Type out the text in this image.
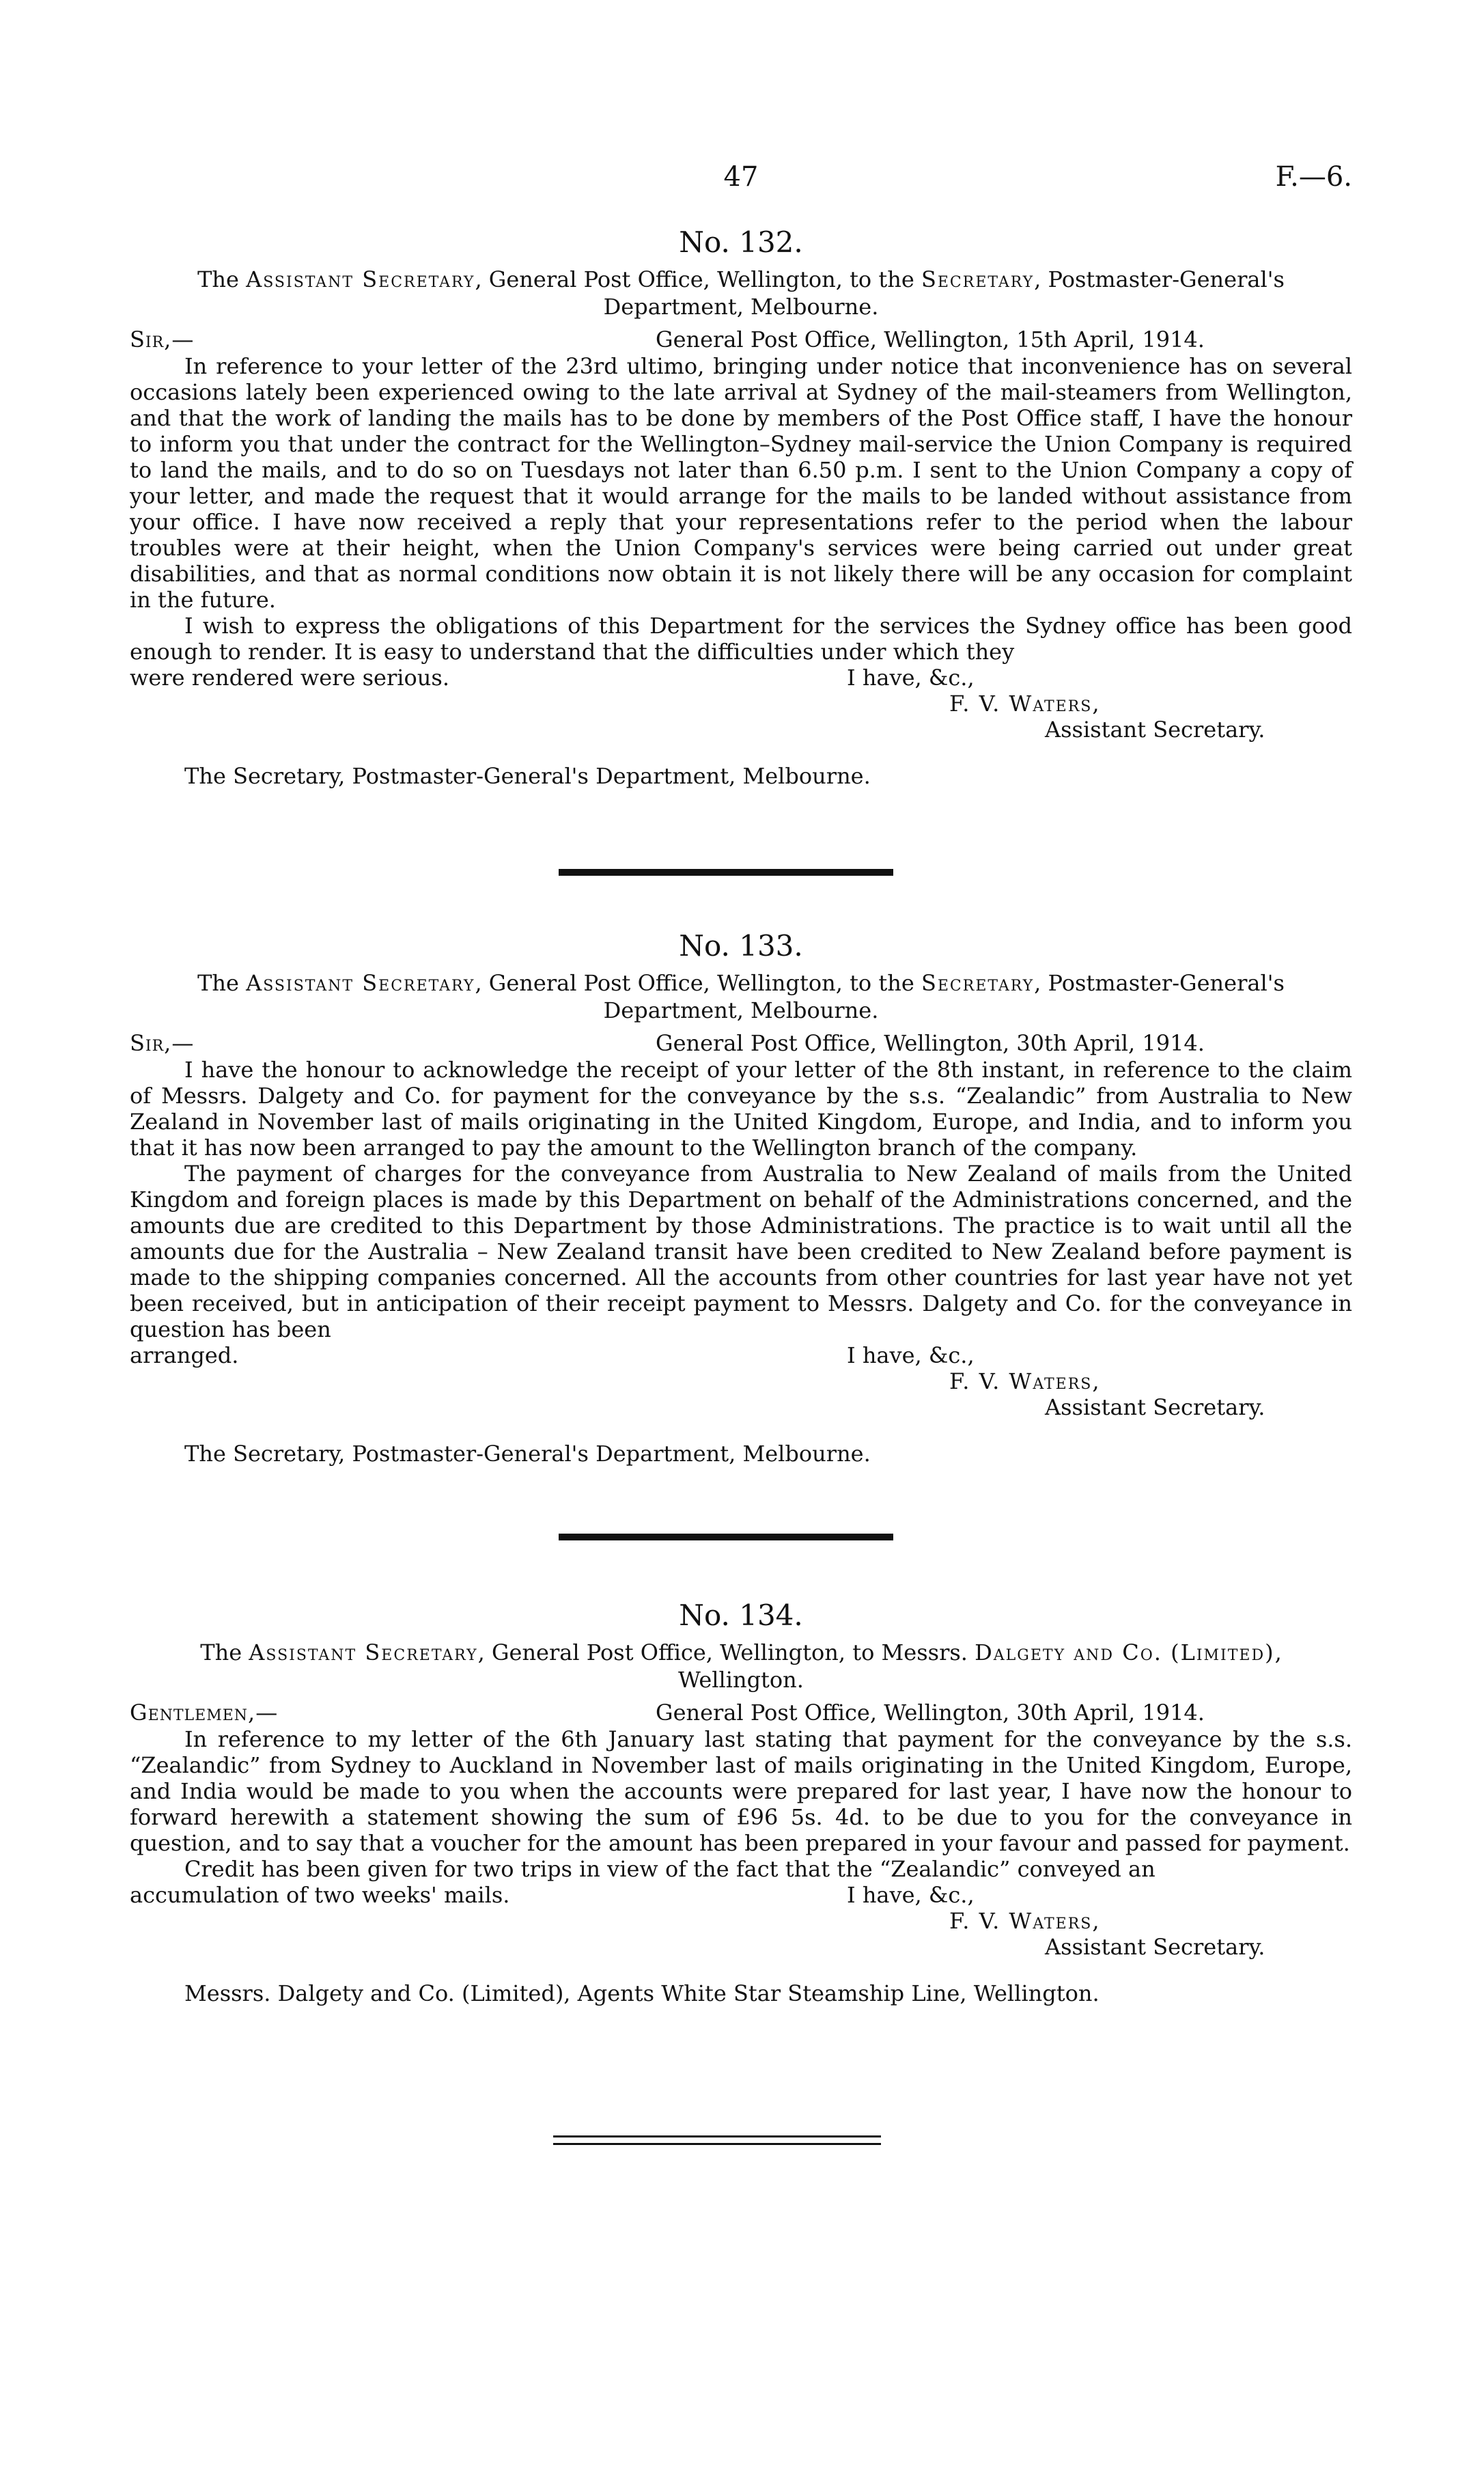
47	F.—6.
No. 132.
The Assistant Secretary, General Post Office, Wellington, to the Secretary, Postmaster-General's Department, Melbourne.
Sir,—	General Post Office, Wellington, 15th April, 1914.

In reference to your letter of the 23rd ultimo, bringing under notice that inconvenience has on several occasions lately been experienced owing to the late arrival at Sydney of the mail-steamers from Wellington, and that the work of landing the mails has to be done by members of the Post Office staff, I have the honour to inform you that under the contract for the Wellington–Sydney mail-service the Union Company is required to land the mails, and to do so on Tuesdays not later than 6.50 p.m. I sent to the Union Company a copy of your letter, and made the request that it would arrange for the mails to be landed without assistance from your office. I have now received a reply that your representations refer to the period when the labour troubles were at their height, when the Union Company's services were being carried out under great disabilities, and that as normal conditions now obtain it is not likely there will be any occasion for complaint in the future.

I wish to express the obligations of this Department for the services the Sydney office has been good enough to render. It is easy to understand that the difficulties under which they

were rendered were serious.	I have, &c.,
F. V. Waters,
Assistant Secretary.
The Secretary, Postmaster-General's Department, Melbourne.
No. 133.
The Assistant Secretary, General Post Office, Wellington, to the Secretary, Postmaster-General's Department, Melbourne.
Sir,—	General Post Office, Wellington, 30th April, 1914.

I have the honour to acknowledge the receipt of your letter of the 8th instant, in reference to the claim of Messrs. Dalgety and Co. for payment for the conveyance by the s.s. “Zealandic” from Australia to New Zealand in November last of mails originating in the United Kingdom, Europe, and India, and to inform you that it has now been arranged to pay the amount to the Wellington branch of the company.

The payment of charges for the conveyance from Australia to New Zealand of mails from the United Kingdom and foreign places is made by this Department on behalf of the Administrations concerned, and the amounts due are credited to this Department by those Administrations. The practice is to wait until all the amounts due for the Australia – New Zealand transit have been credited to New Zealand before payment is made to the shipping companies concerned. All the accounts from other countries for last year have not yet been received, but in anticipation of their receipt payment to Messrs. Dalgety and Co. for the conveyance in question has been

arranged.	I have, &c.,
F. V. Waters,
Assistant Secretary.
The Secretary, Postmaster-General's Department, Melbourne.
No. 134.
The Assistant Secretary, General Post Office, Wellington, to Messrs. Dalgety and Co. (Limited), Wellington.
Gentlemen,—	General Post Office, Wellington, 30th April, 1914.

In reference to my letter of the 6th January last stating that payment for the conveyance by the s.s. “Zealandic” from Sydney to Auckland in November last of mails originating in the United Kingdom, Europe, and India would be made to you when the accounts were prepared for last year, I have now the honour to forward herewith a statement showing the sum of £96 5s. 4d. to be due to you for the conveyance in question, and to say that a voucher for the amount has been prepared in your favour and passed for payment.

Credit has been given for two trips in view of the fact that the “Zealandic” conveyed an

accumulation of two weeks' mails.	I have, &c.,
F. V. Waters,
Assistant Secretary.
Messrs. Dalgety and Co. (Limited), Agents White Star Steamship Line, Wellington.
